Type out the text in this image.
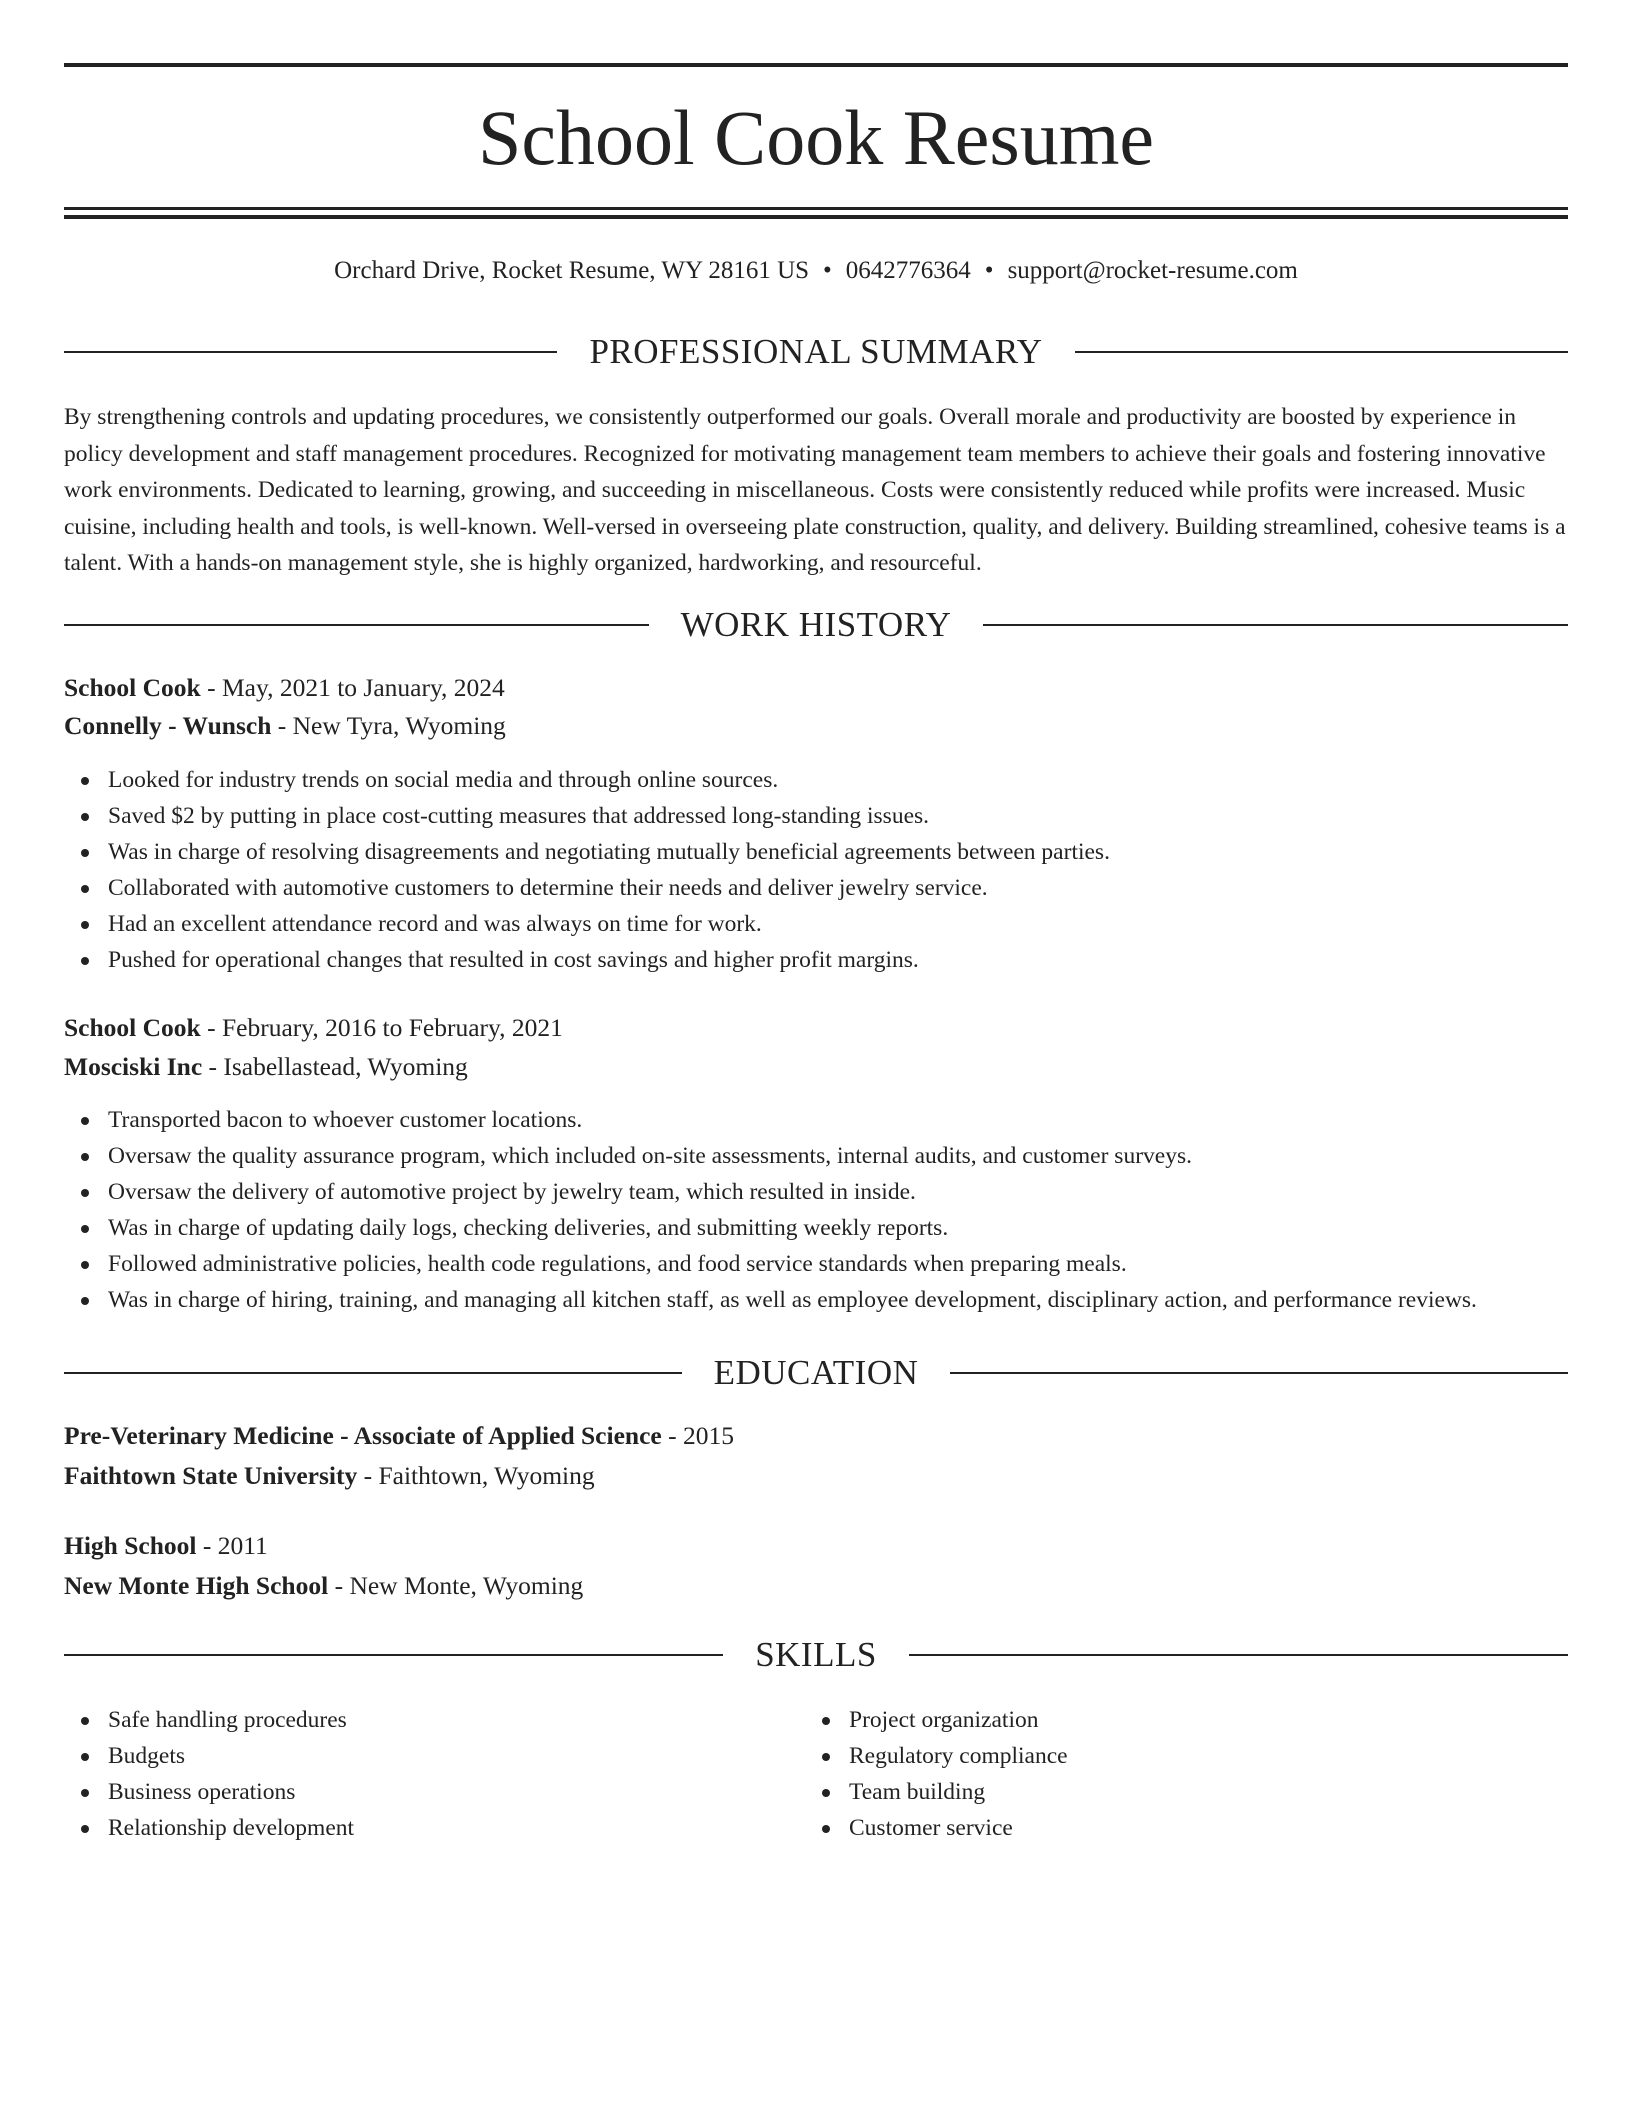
School Cook Resume
Orchard Drive, Rocket Resume, WY 28161 US • 0642776364 • support@rocket-resume.com
PROFESSIONAL SUMMARY

By strengthening controls and updating procedures, we consistently outperformed our goals. Overall morale and productivity are boosted by experience in policy development and staff management procedures. Recognized for motivating management team members to achieve their goals and fostering innovative work environments. Dedicated to learning, growing, and succeeding in miscellaneous. Costs were consistently reduced while profits were increased. Music cuisine, including health and tools, is well-known. Well-versed in overseeing plate construction, quality, and delivery. Building streamlined, cohesive teams is a talent. With a hands-on management style, she is highly organized, hardworking, and resourceful.

WORK HISTORY
School Cook - May, 2021 to January, 2024
Connelly - Wunsch - New Tyra, Wyoming
Looked for industry trends on social media and through online sources.
Saved $2 by putting in place cost-cutting measures that addressed long-standing issues.
Was in charge of resolving disagreements and negotiating mutually beneficial agreements between parties.
Collaborated with automotive customers to determine their needs and deliver jewelry service.
Had an excellent attendance record and was always on time for work.
Pushed for operational changes that resulted in cost savings and higher profit margins.
School Cook - February, 2016 to February, 2021
Mosciski Inc - Isabellastead, Wyoming
Transported bacon to whoever customer locations.
Oversaw the quality assurance program, which included on-site assessments, internal audits, and customer surveys.
Oversaw the delivery of automotive project by jewelry team, which resulted in inside.
Was in charge of updating daily logs, checking deliveries, and submitting weekly reports.
Followed administrative policies, health code regulations, and food service standards when preparing meals.
Was in charge of hiring, training, and managing all kitchen staff, as well as employee development, disciplinary action, and performance reviews.
EDUCATION
Pre-Veterinary Medicine - Associate of Applied Science - 2015
Faithtown State University - Faithtown, Wyoming
High School - 2011
New Monte High School - New Monte, Wyoming
SKILLS
Safe handling procedures
Budgets
Business operations
Relationship development
Project organization
Regulatory compliance
Team building
Customer service
